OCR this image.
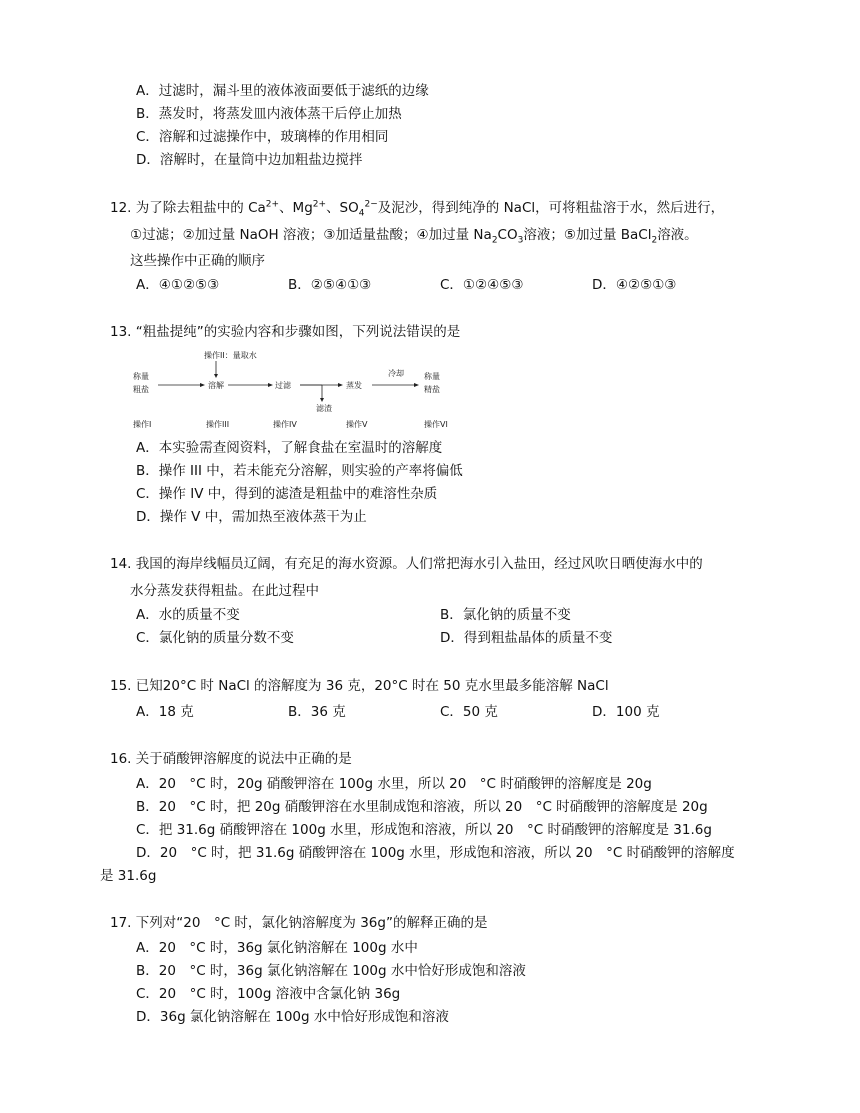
A．过滤时，漏斗里的液体液面要低于滤纸的边缘
B．蒸发时，将蒸发皿内液体蒸干后停止加热
C．溶解和过滤操作中，玻璃棒的作用相同
D．溶解时，在量筒中边加粗盐边搅拌
12. 为了除去粗盐中的 $Ca^{2+}$、$Mg^{2+}$、$SO_4^{2-}$及泥沙，得到纯净的 NaCl，可将粗盐溶于水，然后进行，
①过滤；②加过量 NaOH 溶液；③加适量盐酸；④加过量 $Na_2CO_3$溶液；⑤加过量 BaCl$_2$溶液。
这些操作中正确的顺序
A．④①②⑤③	B．②⑤④①③	C．①②④⑤③	D．④②⑤①③
13. “粗盐提纯”的实验内容和步骤如图，下列说法错误的是
操作II：量取水
称量
粗盐	溶解	过滤
滤渣
蒸发
冷却	称量
精盐
操作I	操作III	操作IV	操作V	操作VI
A．本实验需查阅资料，了解食盐在室温时的溶解度
B．操作 III 中，若未能充分溶解，则实验的产率将偏低
C．操作 IV 中，得到的滤渣是粗盐中的难溶性杂质
D．操作 V 中，需加热至液体蒸干为止
14. 我国的海岸线幅员辽阔，有充足的海水资源。人们常把海水引入盐田，经过风吹日晒使海水中的
水分蒸发获得粗盐。在此过程中
A．水的质量不变	B．氯化钠的质量不变
C．氯化钠的质量分数不变	D．得到粗盐晶体的质量不变
15. 已知20°C 时 NaCl 的溶解度为 36 克，20°C 时在 50 克水里最多能溶解 NaCl
A．18 克	B．36 克	C．50 克	D．100 克
16. 关于硝酸钾溶解度的说法中正确的是
A．20　°C 时，20g 硝酸钾溶在 100g 水里，所以 20　°C 时硝酸钾的溶解度是 20g
B．20　°C 时，把 20g 硝酸钾溶在水里制成饱和溶液，所以 20　°C 时硝酸钾的溶解度是 20g
C．把 31.6g 硝酸钾溶在 100g 水里，形成饱和溶液，所以 20　°C 时硝酸钾的溶解度是 31.6g
D．20　°C 时，把 31.6g 硝酸钾溶在 100g 水里，形成饱和溶液，所以 20　°C 时硝酸钾的溶解度
是 31.6g
17. 下列对“20　°C 时，氯化钠溶解度为 36g”的解释正确的是
A．20　°C 时，36g 氯化钠溶解在 100g 水中
B．20　°C 时，36g 氯化钠溶解在 100g 水中恰好形成饱和溶液
C．20　°C 时，100g 溶液中含氯化钠 36g
D．36g 氯化钠溶解在 100g 水中恰好形成饱和溶液
